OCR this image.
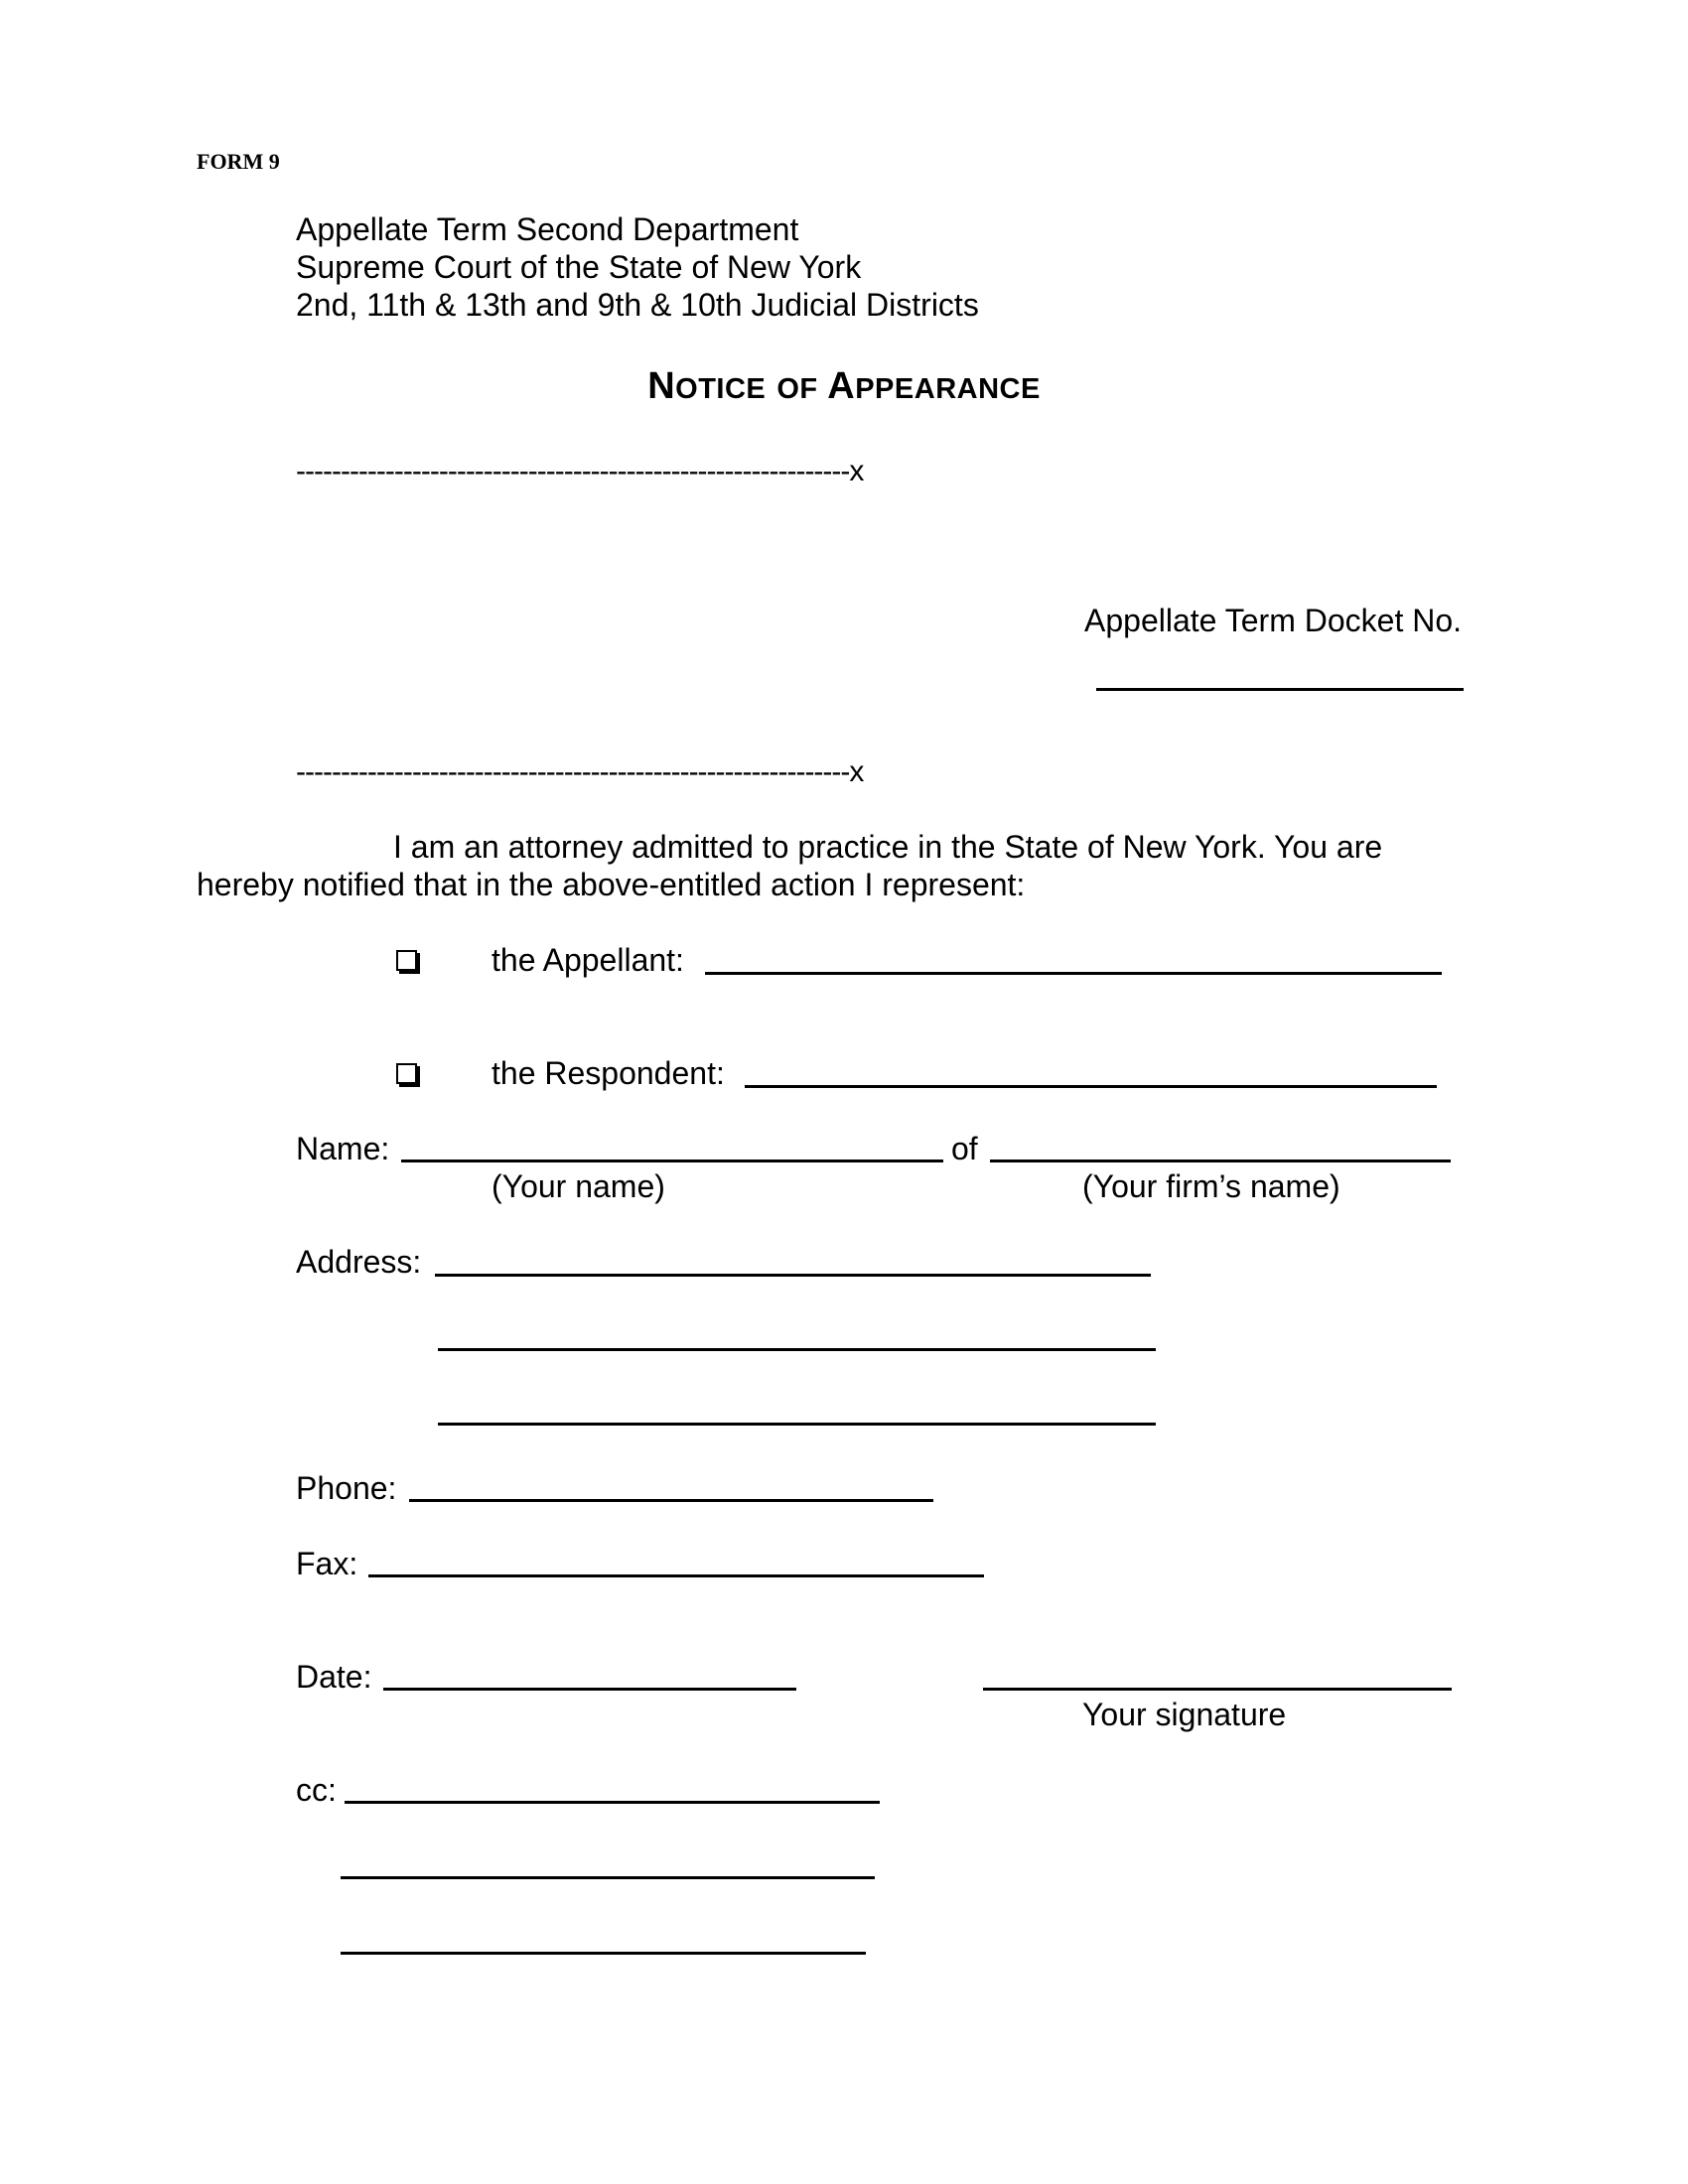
FORM 9
Appellate Term Second Department
Supreme Court of the State of New York
2nd, 11th & 13th and 9th & 10th Judicial Districts
NOTICE OF APPEARANCE
--------------------------------------------------------------x
Appellate Term Docket No.
--------------------------------------------------------------x
I am an attorney admitted to practice in the State of New York. You are
hereby notified that in the above-entitled action I represent:
the Appellant:
the Respondent:
Name:	of
(Your name)	(Your firm’s name)
Address:
Phone:
Fax:
Date:
Your signature
cc:
